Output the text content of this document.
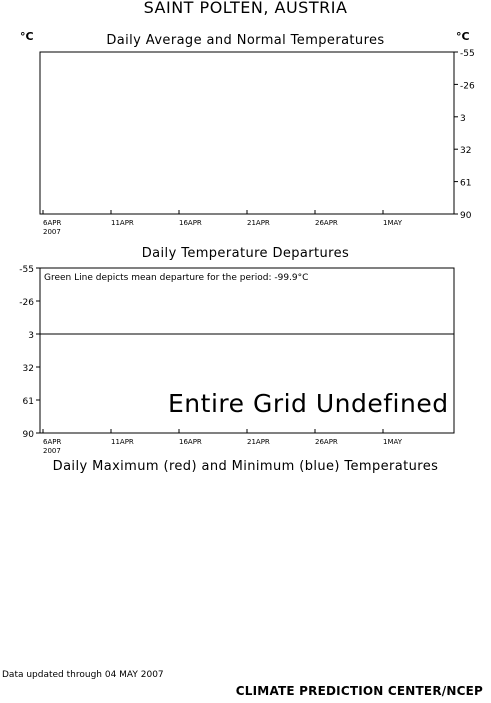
SAINT POLTEN, AUSTRIA
°C	°C
Daily Average and Normal Temperatures
-55
-26
3
32
61
90
6APR	11APR	16APR	21APR	26APR	1MAY
2007
-55
-26
3
32
61
90
6APR	11APR	16APR	21APR	26APR	1MAY
2007
Daily Temperature Departures
Green Line depicts mean departure for the period: -99.9°C
Entire Grid Undefined
Daily Maximum (red) and Minimum (blue) Temperatures
Data updated through 04 MAY 2007
CLIMATE PREDICTION CENTER/NCEP
